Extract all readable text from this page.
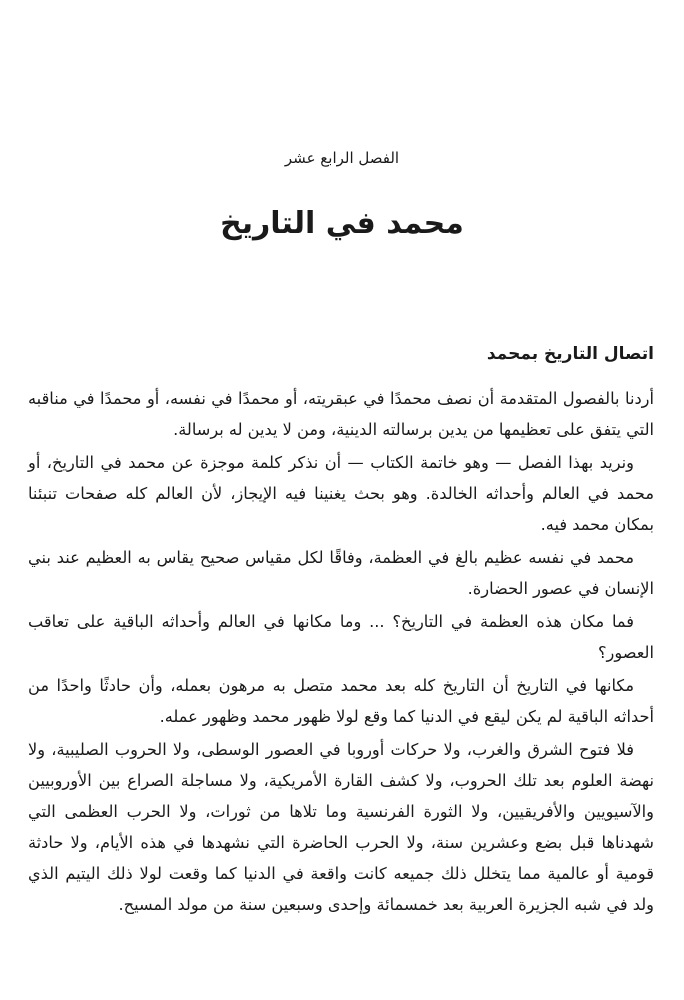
الفصل الرابع عشر
محمد في التاريخ
اتصال التاريخ بمحمد

أردنا بالفصول المتقدمة أن نصف محمدًا في عبقريته، أو محمدًا في نفسه، أو محمدًا في مناقبه التي يتفق على تعظيمها من يدين برسالته الدينية، ومن لا يدين له برسالة.

ونريد بهذا الفصل — وهو خاتمة الكتاب — أن نذكر كلمة موجزة عن محمد في التاريخ، أو محمد في العالم وأحداثه الخالدة. وهو بحث يغنينا فيه الإيجاز، لأن العالم كله صفحات تنبئنا بمكان محمد فيه.

محمد في نفسه عظيم بالغ في العظمة، وفاقًا لكل مقياس صحيح يقاس به العظيم عند بني الإنسان في عصور الحضارة.

فما مكان هذه العظمة في التاريخ؟ ... وما مكانها في العالم وأحداثه الباقية على تعاقب العصور؟

مكانها في التاريخ أن التاريخ كله بعد محمد متصل به مرهون بعمله، وأن حادثًا واحدًا من أحداثه الباقية لم يكن ليقع في الدنيا كما وقع لولا ظهور محمد وظهور عمله.

فلا فتوح الشرق والغرب، ولا حركات أوروبا في العصور الوسطى، ولا الحروب الصليبية، ولا نهضة العلوم بعد تلك الحروب، ولا كشف القارة الأمريكية، ولا مساجلة الصراع بين الأوروبيين والآسيويين والأفريقيين، ولا الثورة الفرنسية وما تلاها من ثورات، ولا الحرب العظمى التي شهدناها قبل بضع وعشرين سنة، ولا الحرب الحاضرة التي نشهدها في هذه الأيام، ولا حادثة قومية أو عالمية مما يتخلل ذلك جميعه كانت واقعة في الدنيا كما وقعت لولا ذلك اليتيم الذي ولد في شبه الجزيرة العربية بعد خمسمائة وإحدى وسبعين سنة من مولد المسيح.
